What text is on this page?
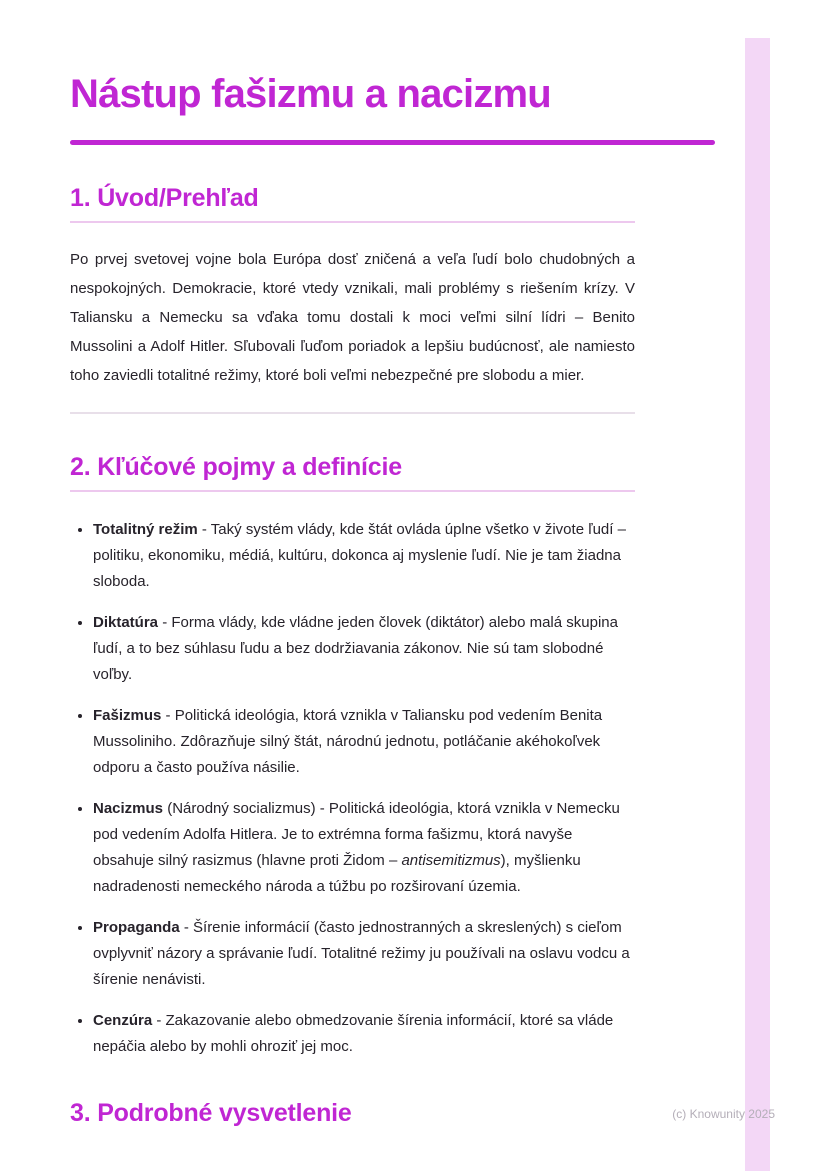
Nástup fašizmu a nacizmu
1. Úvod/Prehľad

Po prvej svetovej vojne bola Európa dosť zničená a veľa ľudí bolo chudobných a nespokojných. Demokracie, ktoré vtedy vznikali, mali problémy s riešením krízy. V Taliansku a Nemecku sa vďaka tomu dostali k moci veľmi silní lídri – Benito Mussolini a Adolf Hitler. Sľubovali ľuďom poriadok a lepšiu budúcnosť, ale namiesto toho zaviedli totalitné režimy, ktoré boli veľmi nebezpečné pre slobodu a mier.

2. Kľúčové pojmy a definície
• Totalitný režim - Taký systém vlády, kde štát ovláda úplne všetko v živote ľudí – politiku, ekonomiku, médiá, kultúru, dokonca aj myslenie ľudí. Nie je tam žiadna sloboda.
• Diktatúra - Forma vlády, kde vládne jeden človek (diktátor) alebo malá skupina ľudí, a to bez súhlasu ľudu a bez dodržiavania zákonov. Nie sú tam slobodné voľby.
• Fašizmus - Politická ideológia, ktorá vznikla v Taliansku pod vedením Benita Mussoliniho. Zdôrazňuje silný štát, národnú jednotu, potláčanie akéhokoľvek odporu a často používa násilie.
• Nacizmus (Národný socializmus) - Politická ideológia, ktorá vznikla v Nemecku pod vedením Adolfa Hitlera. Je to extrémna forma fašizmu, ktorá navyše obsahuje silný rasizmus (hlavne proti Židom – antisemitizmus), myšlienku nadradenosti nemeckého národa a túžbu po rozširovaní územia.
• Propaganda - Šírenie informácií (často jednostranných a skreslených) s cieľom ovplyvniť názory a správanie ľudí. Totalitné režimy ju používali na oslavu vodcu a šírenie nenávisti.
• Cenzúra - Zakazovanie alebo obmedzovanie šírenia informácií, ktoré sa vláde nepáčia alebo by mohli ohroziť jej moc.
3. Podrobné vysvetlenie	(c) Knowunity 2025
